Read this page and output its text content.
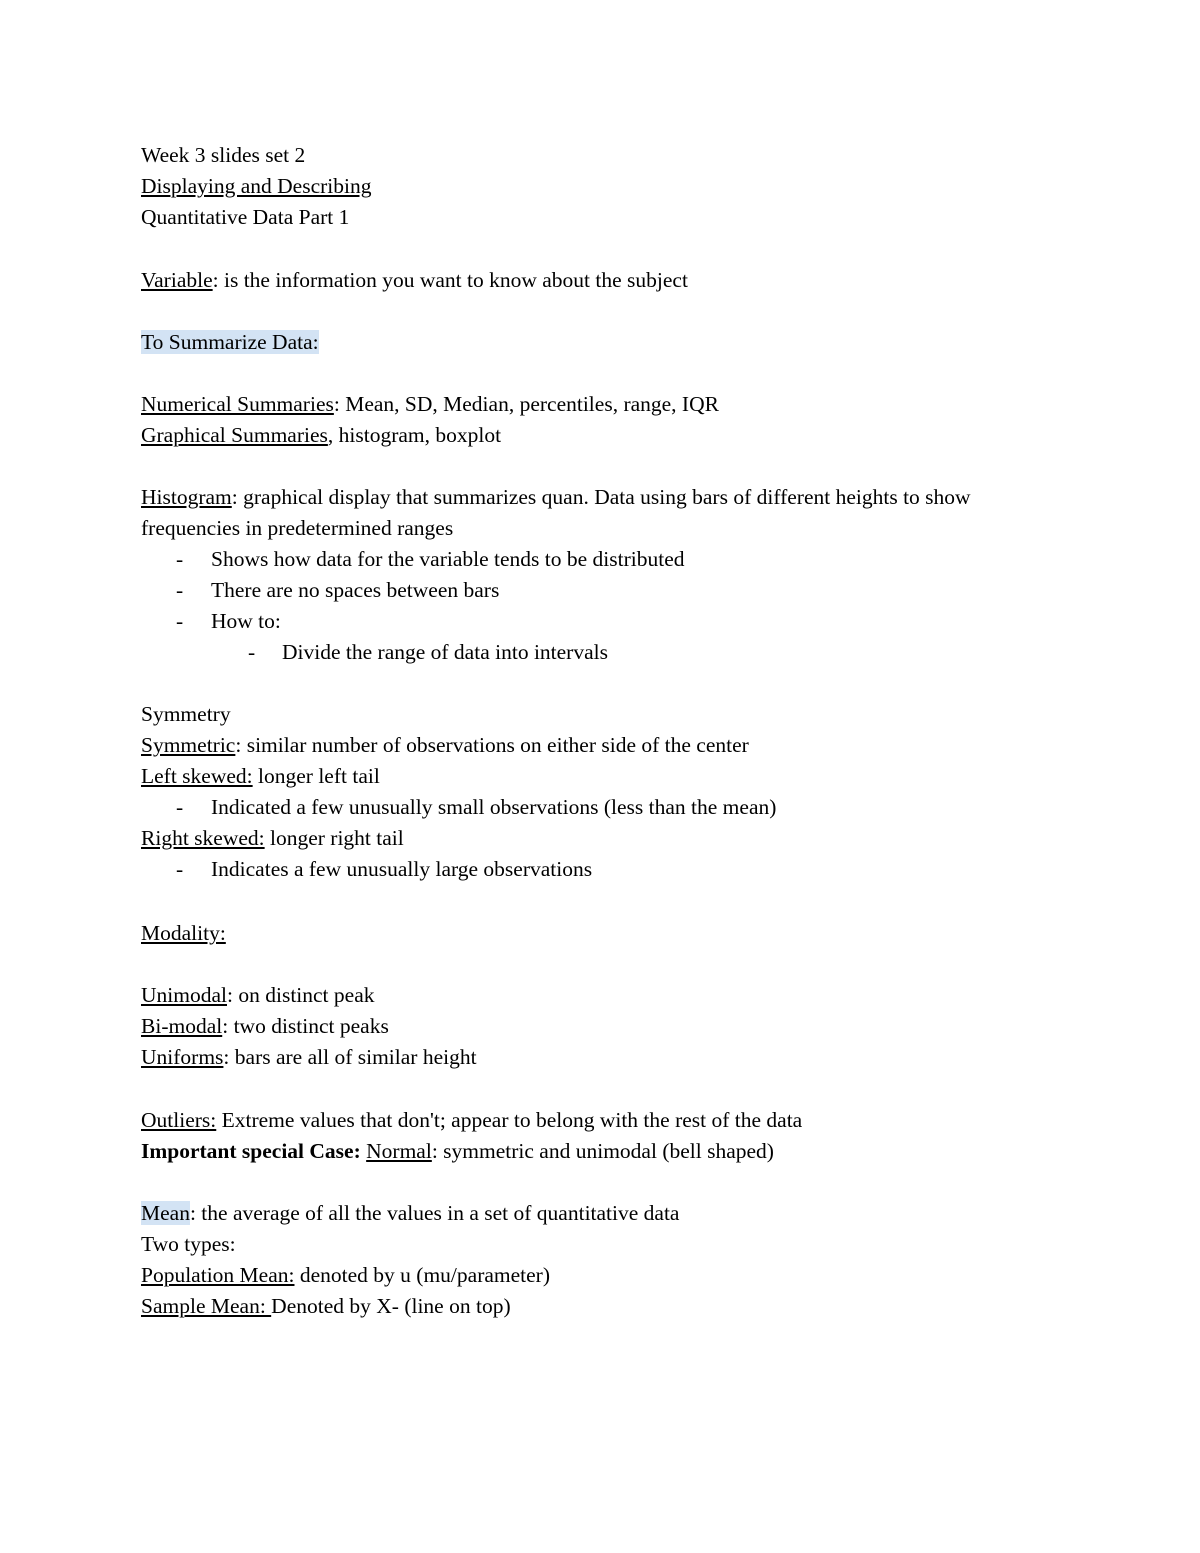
Week 3 slides set 2
Displaying and Describing
Quantitative Data Part 1
Variable: is the information you want to know about the subject
To Summarize Data:
Numerical Summaries: Mean, SD, Median, percentiles, range, IQR
Graphical Summaries, histogram, boxplot
Histogram: graphical display that summarizes quan. Data using bars of different heights to show
frequencies in predetermined ranges
- Shows how data for the variable tends to be distributed
- There are no spaces between bars
- How to:
- Divide the range of data into intervals
Symmetry
Symmetric: similar number of observations on either side of the center
Left skewed: longer left tail
- Indicated a few unusually small observations (less than the mean)
Right skewed: longer right tail
- Indicates a few unusually large observations
Modality:
Unimodal: on distinct peak
Bi-modal: two distinct peaks
Uniforms: bars are all of similar height
Outliers: Extreme values that don't; appear to belong with the rest of the data
Important special Case: Normal: symmetric and unimodal (bell shaped)
Mean: the average of all the values in a set of quantitative data
Two types:
Population Mean: denoted by u (mu/parameter)
Sample Mean: Denoted by X- (line on top)
